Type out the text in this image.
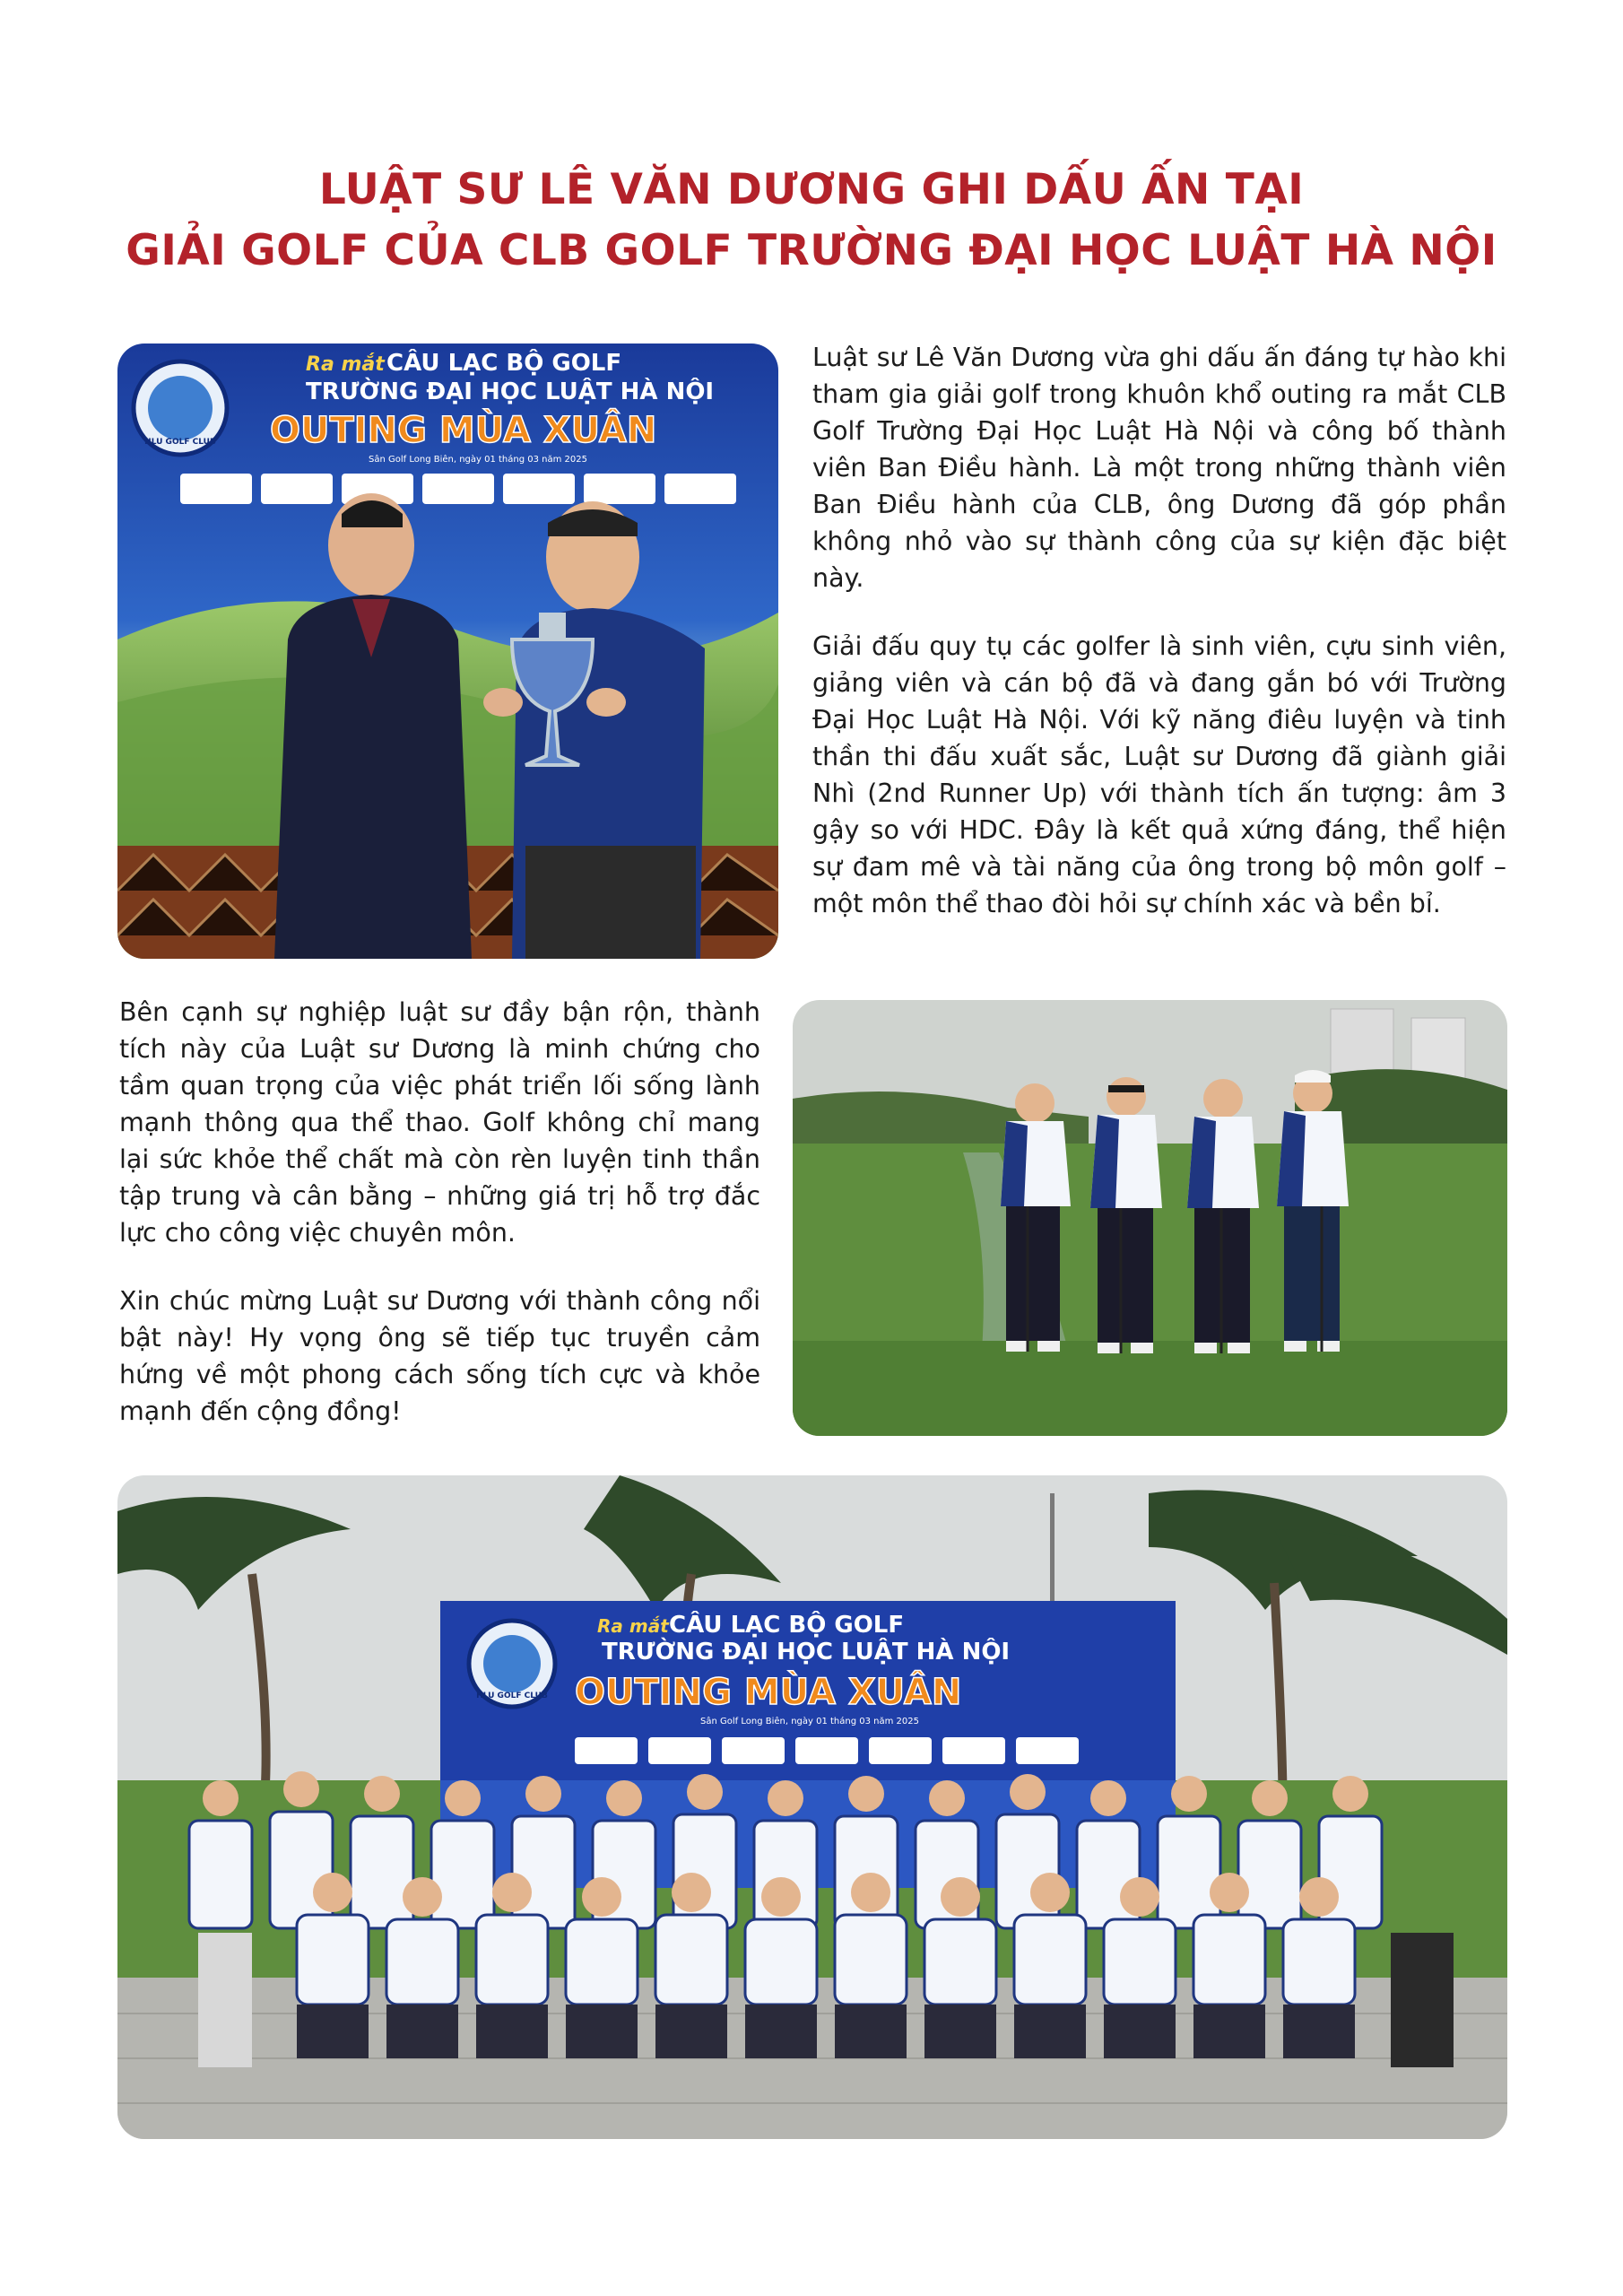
LUẬT SƯ LÊ VĂN DƯƠNG GHI DẤU ẤN TẠI
GIẢI GOLF CỦA CLB GOLF TRƯỜNG ĐẠI HỌC LUẬT HÀ NỘI
HLU GOLF CLUB
Ra mắt CÂU LẠC BỘ GOLF
TRƯỜNG ĐẠI HỌC LUẬT HÀ NỘI
OUTING MÙA XUÂN
Sân Golf Long Biên, ngày 01 tháng 03 năm 2025

Luật sư Lê Văn Dương vừa ghi dấu ấn đáng tự hào khi tham gia giải golf trong khuôn khổ outing ra mắt CLB Golf Trường Đại Học Luật Hà Nội và công bố thành viên Ban Điều hành. Là một trong những thành viên Ban Điều hành của CLB, ông Dương đã góp phần không nhỏ vào sự thành công của sự kiện đặc biệt này.

Giải đấu quy tụ các golfer là sinh viên, cựu sinh viên, giảng viên và cán bộ đã và đang gắn bó với Trường Đại Học Luật Hà Nội. Với kỹ năng điêu luyện và tinh thần thi đấu xuất sắc, Luật sư Dương đã giành giải Nhì (2nd Runner Up) với thành tích ấn tượng: âm 3 gậy so với HDC. Đây là kết quả xứng đáng, thể hiện sự đam mê và tài năng của ông trong bộ môn golf – một môn thể thao đòi hỏi sự chính xác và bền bỉ.

Bên cạnh sự nghiệp luật sư đầy bận rộn, thành tích này của Luật sư Dương là minh chứng cho tầm quan trọng của việc phát triển lối sống lành mạnh thông qua thể thao. Golf không chỉ mang lại sức khỏe thể chất mà còn rèn luyện tinh thần tập trung và cân bằng – những giá trị hỗ trợ đắc lực cho công việc chuyên môn.

Xin chúc mừng Luật sư Dương với thành công nổi bật này! Hy vọng ông sẽ tiếp tục truyền cảm hứng về một phong cách sống tích cực và khỏe mạnh đến cộng đồng!

HLU GOLF CLUB
Ra mắt CÂU LẠC BỘ GOLF
TRƯỜNG ĐẠI HỌC LUẬT HÀ NỘI
OUTING MÙA XUÂN
Sân Golf Long Biên, ngày 01 tháng 03 năm 2025
